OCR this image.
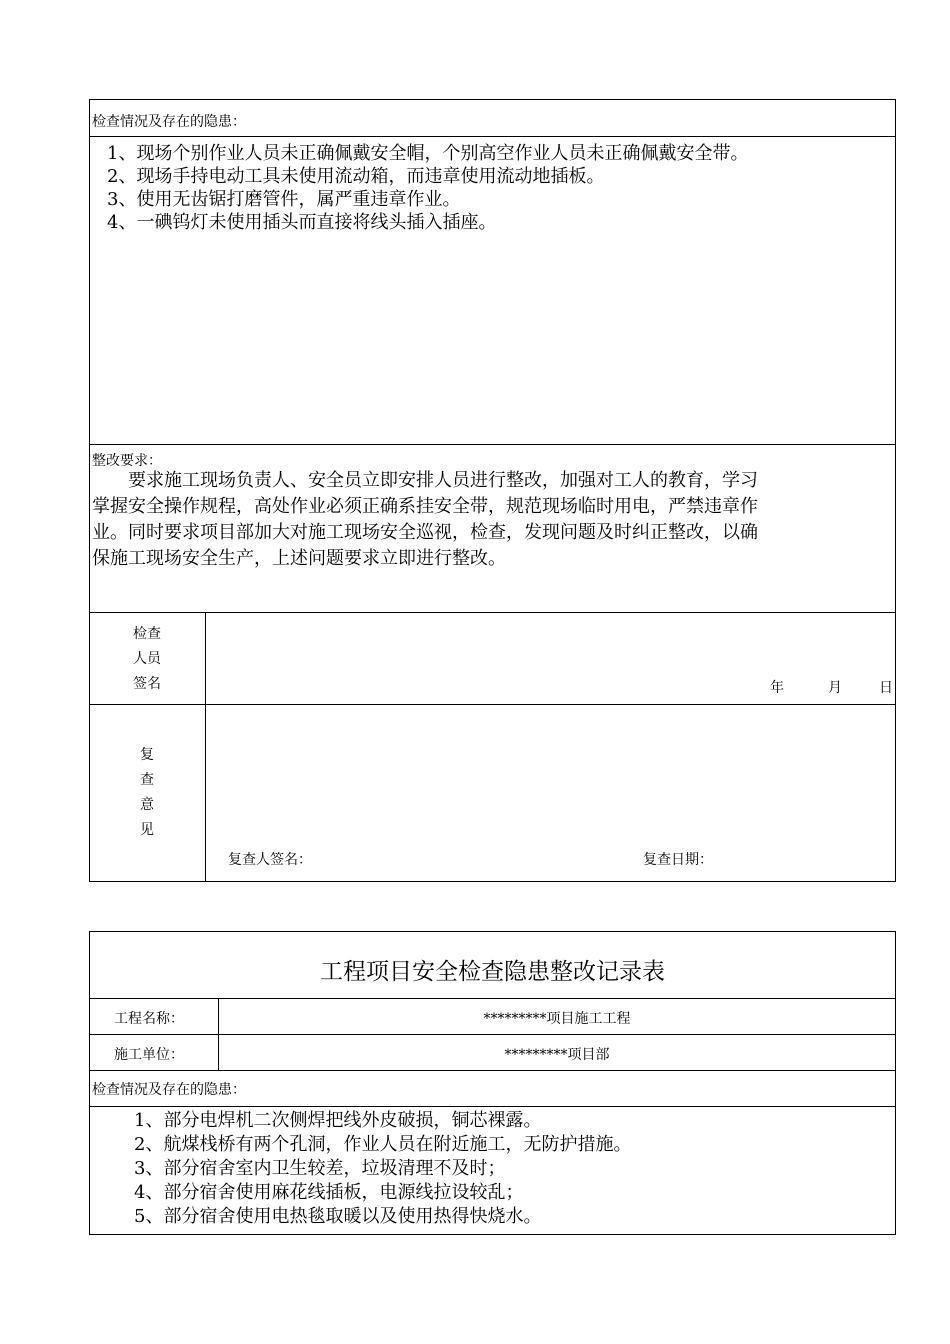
检查情况及存在的隐患：
1、现场个别作业人员未正确佩戴安全帽，个别高空作业人员未正确佩戴安全带。
2、现场手持电动工具未使用流动箱，而违章使用流动地插板。
3、使用无齿锯打磨管件，属严重违章作业。
4、一碘钨灯未使用插头而直接将线头插入插座。
整改要求：
　　要求施工现场负责人、安全员立即安排人员进行整改，加强对工人的教育，学习
掌握安全操作规程，高处作业必须正确系挂安全带，规范现场临时用电，严禁违章作
业。同时要求项目部加大对施工现场安全巡视，检查，发现问题及时纠正整改，以确
保施工现场安全生产，上述问题要求立即进行整改。
检查
人员
签名	年	月	日
复
查
意
见
复查人签名：	复查日期：
工程项目安全检查隐患整改记录表
工程名称：	*********项目施工工程
施工单位：	*********项目部
检查情况及存在的隐患：
1、部分电焊机二次侧焊把线外皮破损，铜芯裸露。
2、航煤栈桥有两个孔洞，作业人员在附近施工，无防护措施。
3、部分宿舍室内卫生较差，垃圾清理不及时；
4、部分宿舍使用麻花线插板，电源线拉设较乱；
5、部分宿舍使用电热毯取暖以及使用热得快烧水。
